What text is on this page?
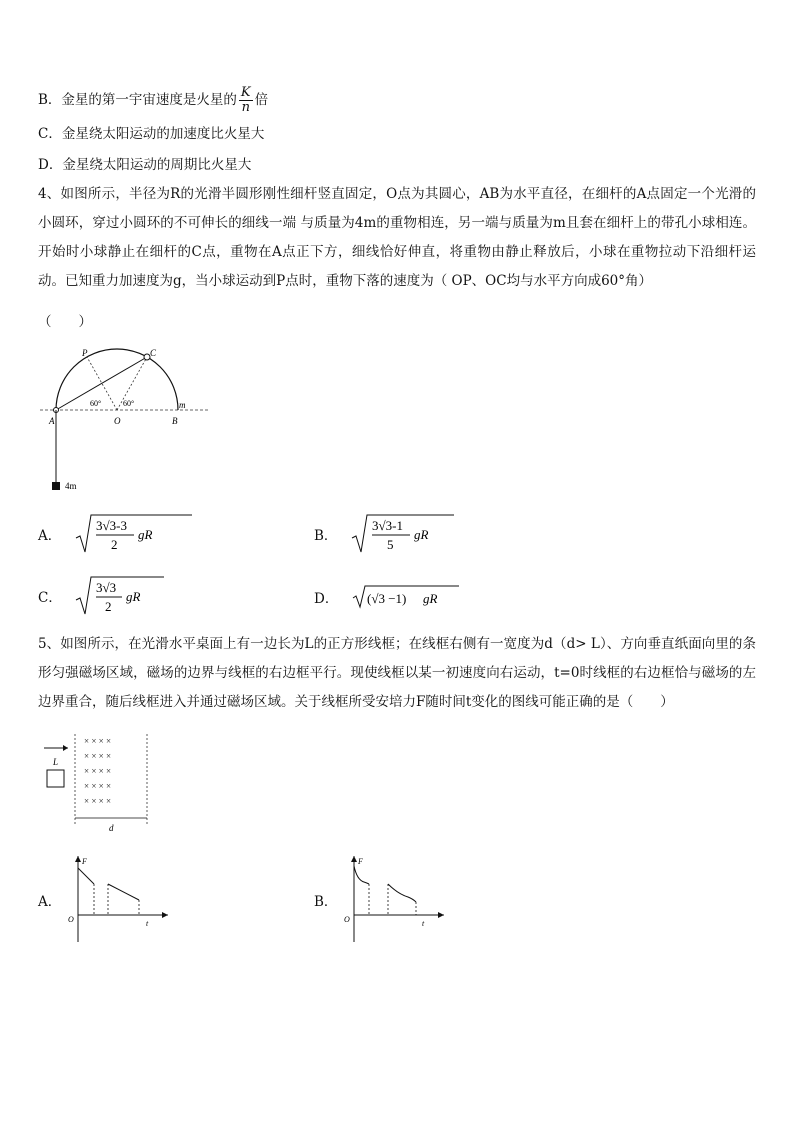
B．金星的第一宇宙速度是火星的 $\frac{K}{n}$ 倍
C．金星绕太阳运动的加速度比火星大
D．金星绕太阳运动的周期比火星大
4、如图所示，半径为R的光滑半圆形刚性细杆竖直固定，O点为其圆心，AB为水平直径，在细杆的A点固定一个光滑的小圆环，穿过小圆环的不可伸长的细线一端 与质量为4m的重物相连，另一端与质量为m且套在细杆上的带孔小球相连。开始时小球静止在细杆的C点，重物在A点正下方，细线恰好伸直，将重物由静止释放后，小球在重物拉动下沿细杆运动。已知重力加速度为g，当小球运动到P点时，重物下落的速度为（ OP、OC均与水平方向成60°角）
（　　）
P	C
A	O	B
m
60°	60°
4m
A．
3√3-3
2
gR	B．
3√3-1
5
gR
C．
3√3
2
gR	D． (√3 −1) gR
5、如图所示，在光滑水平桌面上有一边长为L的正方形线框；在线框右侧有一宽度为d（d> L）、方向垂直纸面向里的条形匀强磁场区域，磁场的边界与线框的右边框平行。现使线框以某一初速度向右运动，t=0时线框的右边框恰与磁场的左边界重合，随后线框进入并通过磁场区域。关于线框所受安培力F随时间t变化的图线可能正确的是（　　）
L
× × × ×
× × × ×
× × × ×
× × × ×
× × × ×
d
A．
F
t
O
B．
F
t
O
